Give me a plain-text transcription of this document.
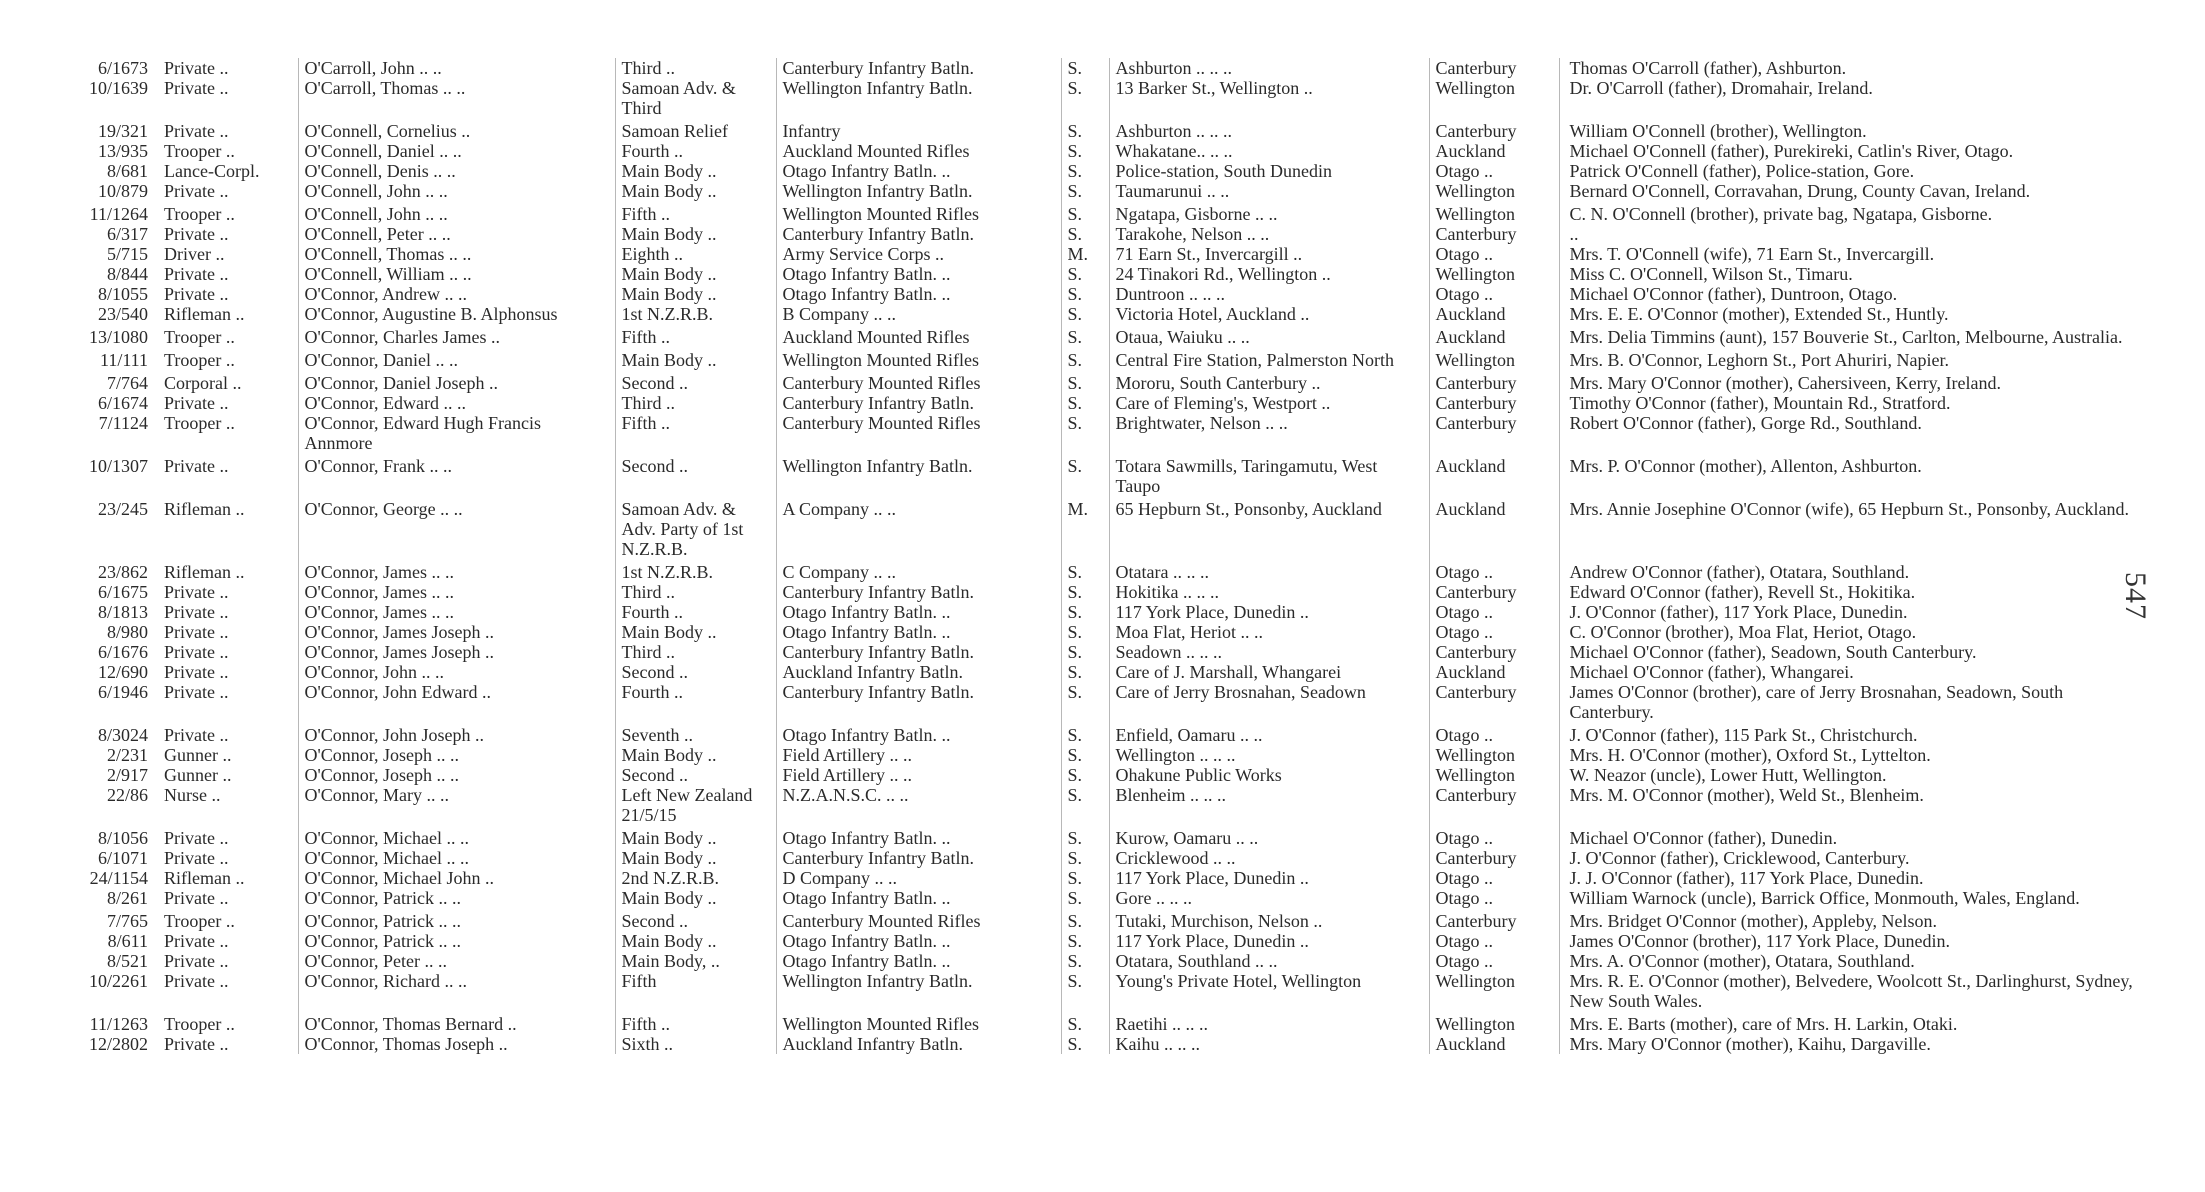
6/1673	Private ..	O'Carroll, John .. ..	Third ..	Canterbury Infantry Batln.	S.	Ashburton .. .. ..	Canterbury	Thomas O'Carroll (father), Ashburton.
10/1639	Private ..	O'Carroll, Thomas .. ..	Samoan Adv. & Third	Wellington Infantry Batln.	S.	13 Barker St., Wellington ..	Wellington	Dr. O'Carroll (father), Dromahair, Ireland.
19/321	Private ..	O'Connell, Cornelius ..	Samoan Relief	Infantry	S.	Ashburton .. .. ..	Canterbury	William O'Connell (brother), Wellington.
13/935	Trooper ..	O'Connell, Daniel .. ..	Fourth ..	Auckland Mounted Rifles	S.	Whakatane.. .. ..	Auckland	Michael O'Connell (father), Purekireki, Catlin's River, Otago.
8/681	Lance-Corpl.	O'Connell, Denis .. ..	Main Body ..	Otago Infantry Batln. ..	S.	Police-station, South Dunedin	Otago ..	Patrick O'Connell (father), Police-station, Gore.
10/879	Private ..	O'Connell, John .. ..	Main Body ..	Wellington Infantry Batln.	S.	Taumarunui .. ..	Wellington	Bernard O'Connell, Corravahan, Drung, County Cavan, Ireland.
11/1264	Trooper ..	O'Connell, John .. ..	Fifth ..	Wellington Mounted Rifles	S.	Ngatapa, Gisborne .. ..	Wellington	C. N. O'Connell (brother), private bag, Ngatapa, Gisborne.
6/317	Private ..	O'Connell, Peter .. ..	Main Body ..	Canterbury Infantry Batln.	S.	Tarakohe, Nelson .. ..	Canterbury	..
5/715	Driver ..	O'Connell, Thomas .. ..	Eighth ..	Army Service Corps ..	M.	71 Earn St., Invercargill ..	Otago ..	Mrs. T. O'Connell (wife), 71 Earn St., Invercargill.
8/844	Private ..	O'Connell, William .. ..	Main Body ..	Otago Infantry Batln. ..	S.	24 Tinakori Rd., Wellington ..	Wellington	Miss C. O'Connell, Wilson St., Timaru.
8/1055	Private ..	O'Connor, Andrew .. ..	Main Body ..	Otago Infantry Batln. ..	S.	Duntroon .. .. ..	Otago ..	Michael O'Connor (father), Duntroon, Otago.
23/540	Rifleman ..	O'Connor, Augustine B. Alphonsus	1st N.Z.R.B.	B Company .. ..	S.	Victoria Hotel, Auckland ..	Auckland	Mrs. E. E. O'Connor (mother), Extended St., Huntly.
13/1080	Trooper ..	O'Connor, Charles James ..	Fifth ..	Auckland Mounted Rifles	S.	Otaua, Waiuku .. ..	Auckland	Mrs. Delia Timmins (aunt), 157 Bouverie St., Carlton, Melbourne, Australia.
11/111	Trooper ..	O'Connor, Daniel .. ..	Main Body ..	Wellington Mounted Rifles	S.	Central Fire Station, Palmerston North	Wellington	Mrs. B. O'Connor, Leghorn St., Port Ahuriri, Napier.
7/764	Corporal ..	O'Connor, Daniel Joseph ..	Second ..	Canterbury Mounted Rifles	S.	Mororu, South Canterbury ..	Canterbury	Mrs. Mary O'Connor (mother), Cahersiveen, Kerry, Ireland.
6/1674	Private ..	O'Connor, Edward .. ..	Third ..	Canterbury Infantry Batln.	S.	Care of Fleming's, Westport ..	Canterbury	Timothy O'Connor (father), Mountain Rd., Stratford.
7/1124	Trooper ..	O'Connor, Edward Hugh Francis Annmore	Fifth ..	Canterbury Mounted Rifles	S.	Brightwater, Nelson .. ..	Canterbury	Robert O'Connor (father), Gorge Rd., Southland.
10/1307	Private ..	O'Connor, Frank .. ..	Second ..	Wellington Infantry Batln.	S.	Totara Sawmills, Taringamutu, West Taupo	Auckland	Mrs. P. O'Connor (mother), Allenton, Ashburton.
23/245	Rifleman ..	O'Connor, George .. ..	Samoan Adv. & Adv. Party of 1st N.Z.R.B.	A Company .. ..	M.	65 Hepburn St., Ponsonby, Auckland	Auckland	Mrs. Annie Josephine O'Connor (wife), 65 Hepburn St., Ponsonby, Auckland.
23/862	Rifleman ..	O'Connor, James .. ..	1st N.Z.R.B.	C Company .. ..	S.	Otatara .. .. ..	Otago ..	Andrew O'Connor (father), Otatara, Southland.
6/1675	Private ..	O'Connor, James .. ..	Third ..	Canterbury Infantry Batln.	S.	Hokitika .. .. ..	Canterbury	Edward O'Connor (father), Revell St., Hokitika.
8/1813	Private ..	O'Connor, James .. ..	Fourth ..	Otago Infantry Batln. ..	S.	117 York Place, Dunedin ..	Otago ..	J. O'Connor (father), 117 York Place, Dunedin.
8/980	Private ..	O'Connor, James Joseph ..	Main Body ..	Otago Infantry Batln. ..	S.	Moa Flat, Heriot .. ..	Otago ..	C. O'Connor (brother), Moa Flat, Heriot, Otago.
6/1676	Private ..	O'Connor, James Joseph ..	Third ..	Canterbury Infantry Batln.	S.	Seadown .. .. ..	Canterbury	Michael O'Connor (father), Seadown, South Canterbury.
12/690	Private ..	O'Connor, John .. ..	Second ..	Auckland Infantry Batln.	S.	Care of J. Marshall, Whangarei	Auckland	Michael O'Connor (father), Whangarei.
6/1946	Private ..	O'Connor, John Edward ..	Fourth ..	Canterbury Infantry Batln.	S.	Care of Jerry Brosnahan, Seadown	Canterbury	James O'Connor (brother), care of Jerry Brosnahan, Seadown, South Canterbury.
8/3024	Private ..	O'Connor, John Joseph ..	Seventh ..	Otago Infantry Batln. ..	S.	Enfield, Oamaru .. ..	Otago ..	J. O'Connor (father), 115 Park St., Christchurch.
2/231	Gunner ..	O'Connor, Joseph .. ..	Main Body ..	Field Artillery .. ..	S.	Wellington .. .. ..	Wellington	Mrs. H. O'Connor (mother), Oxford St., Lyttelton.
2/917	Gunner ..	O'Connor, Joseph .. ..	Second ..	Field Artillery .. ..	S.	Ohakune Public Works	Wellington	W. Neazor (uncle), Lower Hutt, Wellington.
22/86	Nurse ..	O'Connor, Mary .. ..	Left New Zealand 21/5/15	N.Z.A.N.S.C. .. ..	S.	Blenheim .. .. ..	Canterbury	Mrs. M. O'Connor (mother), Weld St., Blenheim.
8/1056	Private ..	O'Connor, Michael .. ..	Main Body ..	Otago Infantry Batln. ..	S.	Kurow, Oamaru .. ..	Otago ..	Michael O'Connor (father), Dunedin.
6/1071	Private ..	O'Connor, Michael .. ..	Main Body ..	Canterbury Infantry Batln.	S.	Cricklewood .. ..	Canterbury	J. O'Connor (father), Cricklewood, Canterbury.
24/1154	Rifleman ..	O'Connor, Michael John ..	2nd N.Z.R.B.	D Company .. ..	S.	117 York Place, Dunedin ..	Otago ..	J. J. O'Connor (father), 117 York Place, Dunedin.
8/261	Private ..	O'Connor, Patrick .. ..	Main Body ..	Otago Infantry Batln. ..	S.	Gore .. .. ..	Otago ..	William Warnock (uncle), Barrick Office, Monmouth, Wales, England.
7/765	Trooper ..	O'Connor, Patrick .. ..	Second ..	Canterbury Mounted Rifles	S.	Tutaki, Murchison, Nelson ..	Canterbury	Mrs. Bridget O'Connor (mother), Appleby, Nelson.
8/611	Private ..	O'Connor, Patrick .. ..	Main Body ..	Otago Infantry Batln. ..	S.	117 York Place, Dunedin ..	Otago ..	James O'Connor (brother), 117 York Place, Dunedin.
8/521	Private ..	O'Connor, Peter .. ..	Main Body, ..	Otago Infantry Batln. ..	S.	Otatara, Southland .. ..	Otago ..	Mrs. A. O'Connor (mother), Otatara, Southland.
10/2261	Private ..	O'Connor, Richard .. ..	Fifth	Wellington Infantry Batln.	S.	Young's Private Hotel, Wellington	Wellington	Mrs. R. E. O'Connor (mother), Belvedere, Woolcott St., Darlinghurst, Sydney, New South Wales.
11/1263	Trooper ..	O'Connor, Thomas Bernard ..	Fifth ..	Wellington Mounted Rifles	S.	Raetihi .. .. ..	Wellington	Mrs. E. Barts (mother), care of Mrs. H. Larkin, Otaki.
12/2802	Private ..	O'Connor, Thomas Joseph ..	Sixth ..	Auckland Infantry Batln.	S.	Kaihu .. .. ..	Auckland	Mrs. Mary O'Connor (mother), Kaihu, Dargaville.
547
